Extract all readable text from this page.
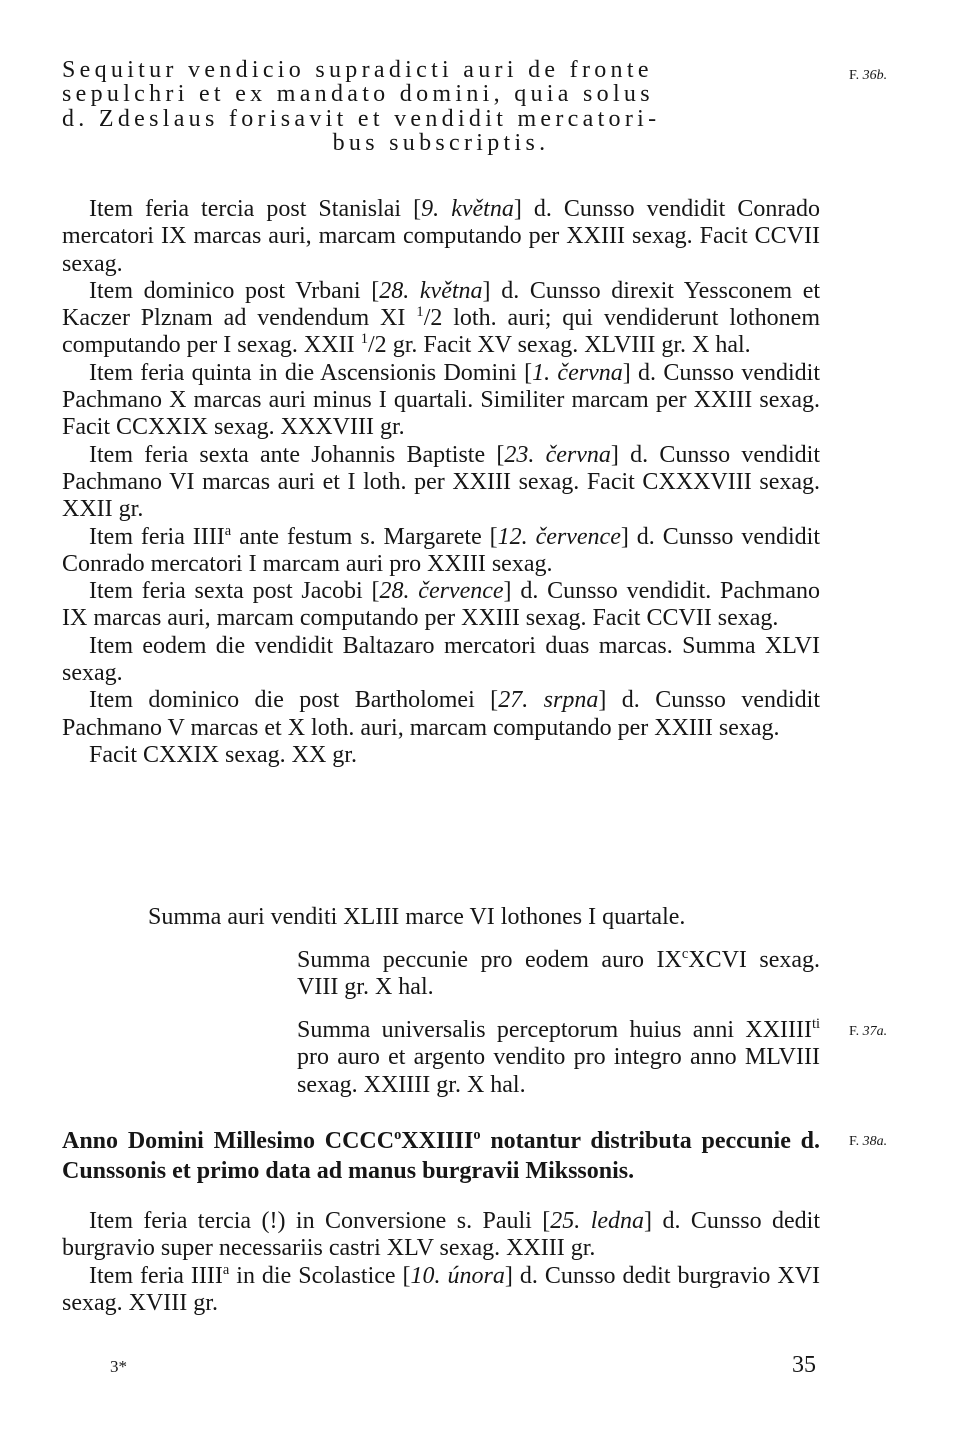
Sequitur vendicio supradicti auri de fronte
sepulchri et ex mandato domini, quia solus
d. Zdeslaus forisavit et vendidit mercatori-
bus subscriptis.

Item feria tercia post Stanislai [9. května] d. Cunsso vendidit Conrado mercatori IX marcas auri, marcam computando per XXIII sexag. Facit CCVII sexag.

Item dominico post Vrbani [28. května] d. Cunsso direxit Yessconem et Kaczer Plznam ad vendendum XI $^1$/2 loth. auri; qui vendiderunt lothonem computando per I sexag. XXII $^1$/2 gr. Facit XV sexag. XLVIII gr. X hal.

Item feria quinta in die Ascensionis Domini [1. června] d. Cunsso vendidit Pachmano X marcas auri minus I quartali. Similiter marcam per XXIII sexag. Facit CCXXIX sexag. XXXVIII gr.

Item feria sexta ante Johannis Baptiste [23. června] d. Cunsso vendidit Pachmano VI marcas auri et I loth. per XXIII sexag. Facit CXXXVIII sexag. XXII gr.

Item feria IIII$^a$ ante festum s. Margarete [12. července] d. Cunsso vendidit Conrado mercatori I marcam auri pro XXIII sexag.

Item feria sexta post Jacobi [28. července] d. Cunsso vendidit. Pachmano IX marcas auri, marcam computando per XXIII sexag. Facit CCVII sexag.

Item eodem die vendidit Baltazaro mercatori duas marcas. Summa XLVI sexag.

Item dominico die post Bartholomei [27. srpna] d. Cunsso vendidit Pachmano V marcas et X loth. auri, marcam computando per XXIII sexag.

Facit CXXIX sexag. XX gr.

Summa auri venditi XLIII marce VI lothones I quartale.

Summa peccunie pro eodem auro $IX^cXCVI$ sexag. VIII gr. X hal.

Summa universalis perceptorum huius anni $XXIIII^{ti}$ pro auro et argento vendito pro integro anno MLVIII sexag. XXIIII gr. X hal.

Anno Domini Millesimo CCCC$^o$XXIIII$^o$ notantur distributa peccunie d. Cunssonis et primo data ad manus burgravii Mikssonis.

Item feria tercia (!) in Conversione s. Pauli [25. ledna] d. Cunsso dedit burgravio super necessariis castri XLV sexag. XXIII gr.

Item feria IIII$^a$ in die Scolastice [10. února] d. Cunsso dedit burgravio XVI sexag. XVIII gr.

F. 36b.
F. 37a.
F. 38a.
3*	35
